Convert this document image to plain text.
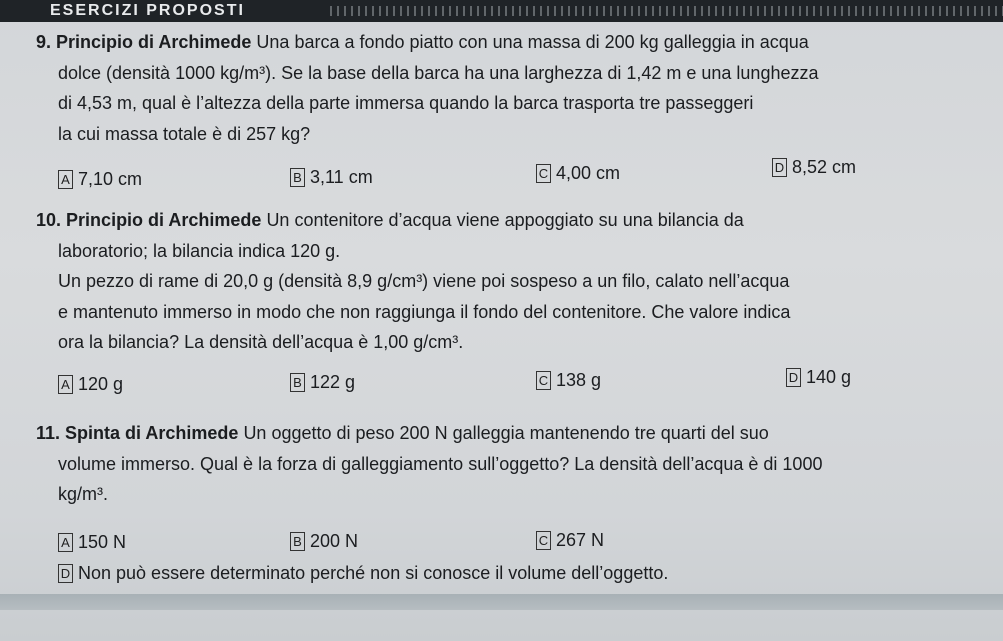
ESERCIZI PROPOSTI
9. Principio di Archimede Una barca a fondo piatto con una massa di 200 kg galleggia in acqua
dolce (densità 1000 kg/m³). Se la base della barca ha una larghezza di 1,42 m e una lunghezza
di 4,53 m, qual è l’altezza della parte immersa quando la barca trasporta tre passeggeri
la cui massa totale è di 257 kg?
A 7,10 cm	B 3,11 cm	C 4,00 cm	D 8,52 cm
10. Principio di Archimede Un contenitore d’acqua viene appoggiato su una bilancia da
laboratorio; la bilancia indica 120 g.
Un pezzo di rame di 20,0 g (densità 8,9 g/cm³) viene poi sospeso a un filo, calato nell’acqua
e mantenuto immerso in modo che non raggiunga il fondo del contenitore. Che valore indica
ora la bilancia? La densità dell’acqua è 1,00 g/cm³.
A 120 g	B 122 g	C 138 g	D 140 g
11. Spinta di Archimede Un oggetto di peso 200 N galleggia mantenendo tre quarti del suo
volume immerso. Qual è la forza di galleggiamento sull’oggetto? La densità dell’acqua è di 1000
kg/m³.
A 150 N	B 200 N	C 267 N
D Non può essere determinato perché non si conosce il volume dell’oggetto.
